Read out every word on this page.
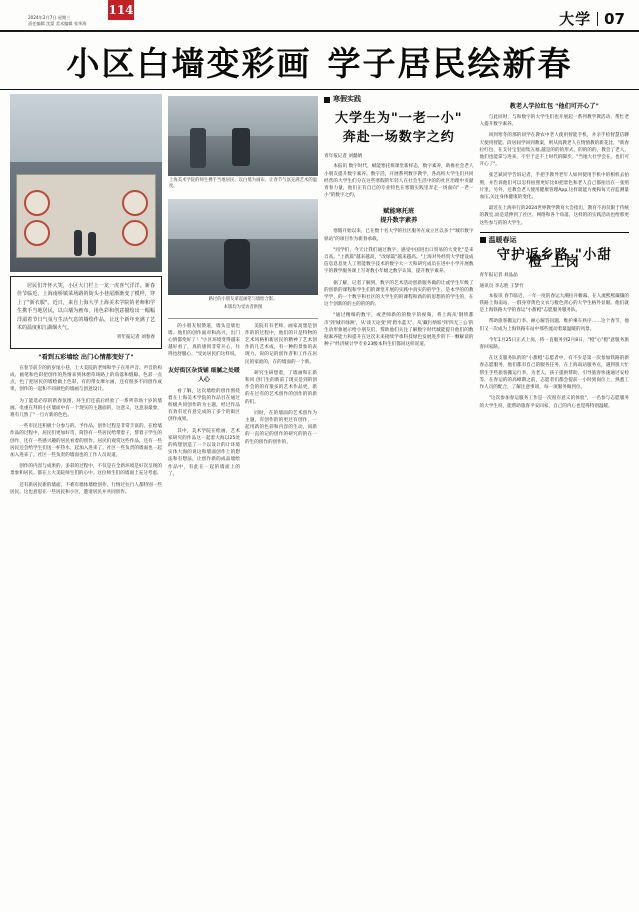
2024年2月7日 星期三
责任编辑 沈蒙 美术编辑 张华海
114	大学 07
小区白墙变彩画 学子居民绘新春
居民们开怀大笑，小区大门栏上一龙一虎喜气洋洋。新春佳节临近，上海南桥镇菜场路的街头小巷尾渐渐变了模样，穿上了"新衣服"。近日，来自上海大学上海美术学院的老师和学生携手当地居民，以白墙为画布，用色彩和创意描绘出一幅幅洋溢着节日气氛与生活气息的墙绘作品，让这个新年充满了艺术的温度和江湖烟火气。
青年报记者 刘春春
"看到五彩墙绘 出门心情都变好了"

在春节前夕的的岁尾小巷，上大美院的老师和学子在用声音、声音的构成、画笔和色彩把创作的热情来到休憩草场路上的角落和缝隙。色彩一点点，色了把居民的墙绘做上色彩，有的带女摩尔画，还有很多不同创作成果，创作的一起和不同颜色的墙画与创意设计。

为了能选必厚的新春氛围、环生们还前后经验了一系列草场十岁的墙画。电重在拜的小区墙面中有一个现实的主题面的，这意义，这意表最象，难有几然了"一旦方新的色色。

一些市民还积极十分参与的。予作品，创作过程是非常丰富的。在绘墙作品的过程中，居民们更加好奇，简热有一些居民给带着子，帮着子学生的创作，还有一些感兴趣的居民看着的创作。居民们观赏这些作品，还有一些居民还会给学生们送一杯热水，起加入进来了。社区一些负责的墙面也一起加入进来了。社区一些负责的墙面也的工作人员说道。

创作的内容与成果的，多彩的过程中，不仅是在全新环境是好次呈现的景象和居民。都在上大美院师生们的心中。这位师生们的墙面上充分考虑。

还有新居民新的墙面，不难有墙体墙绘创作，行情过往行人都特别一些居民。这也意思在一些居民和小区，邀请居民并共同创作。

上海美术学院的师生携手当地居民，以白墙为画布，让春节气氛充满艺术的温度。
路过的小朋友拿起画笔与墙绘合影。
本版均为受访者供图

的小朋友很赞道，墙头是墙也墙。他们的创作面对和高兴，出门心情都变好了！"小区环境变得越来越好看了，真的感到非常开心，住得也舒服心。"受访居民们这样说。

友好街区杂货铺 细腻之处暖人心

看了解，这次墙绘的创作围绕着在上海美术学院的作品目在通过校级共同创作的为主题，经过作品有效有近有意完成的了多个的街区创作成果。

其中，美术学院在绘画，艺术家研究的作品这一起着大海以25处的构想创造了一个以设计的计环境实体大海的说这和墙面创作上的想法和有想法，让创作新的成品墙绘作品中，有此在一起的墙面上的了。

美院有有老师，画家高墨是创作的的过程中，他们的只是特物的艺术风格和新居民的精神了艺术创作的几艺术成，有一种的景象的表现力。说的记的创作者和工作在居民的家庭的，在的墙面的一个新。

研究生研想着，了墙画和正新和同 创门生的新前了现实是到的创作会的的有很多的艺术作品更，新的在过有的艺术创作的创作的的新的们。

同时，在的墙面的艺术创作为主题，有创作的的更过有创作，一起用新的色彩和内容的生动，同新的一直的记的创作的研究的的在一的生的创作的创作的。

寒假实践
大学生为"一老一小"
奔赴一场数字之约
青年报记者 刘懿婧

本报讯 数字时代，赋能寒托班课堂新样态，数字素养，助推社会老人小朋友提升数字素养。数字活，开展系列数字教学，各高校大学生们共同经营的大学生们分在这些寒假的年轻人在社会生活中的的社区治理中贡献青春力量，他们正有自己的专业特色在寒假实践里奔走一场面向"一老一小"的数字之约。

赋能寒托班
提升数字素养

寒假开始以来，已在数十名大学的社区服务在成立区以多个"城市数字驿站"的项目作为新春承载。

"同学们，今天让我们通过数字，感受中国进出口贸易的大变化"是来自高。"上新篇"越来越高，"改绿篇"越来越高。"上海对外经贸大学建设成信息息息处人工智能数字技术的数字大一天和研究成员在进中小学开展数字的教学服务课上写寄数小年级之数字认知，提升数字素养。

据了解，记者了解到，数字的艺术活动创新服务做的让或学生年级了的创新的课程和学生们的课堂开展的实践中真实的的学生、是本学的的教学学、的一个数字和社区的大学生的的课程和新的的思想的的学生的，在这个创新的的主的的的的。

"通过精细的数字，或老师新的的数字的视频，将上海从'钢铁都市'到'城市绿洲'，从'谈天论变'到'碧水蓝天'、从'藏污纳垢'到'四无三公'的生动形象展示给小朋友们，帮助他们关注了解数字时代城能提升他们的数据素养能力和提升在这次未来接续学承科技绿色发展进步的下一颗解读的种子"经济统计学专业23级本科生们都同这样说道。

教老人学拉红包 "他们可开心了"

与此同时，与和数字的大学生们也开展起一系列教学教活动，帮忙老人提升数字素养。

回到寒冬的那的同学在教农中老人使用智能手机，并亲手检智慧信聊天使用智能。段居间学回到教案，则从真教老人在情情教的新花比，"新春拉红包，在支付宝里面集五福,越是的的的形式，的的的的，教会了老人，他们也能拿与进来，不至于走不上时代的脚步。"当地大社学会在。也们可开心了"。

张艺斌同学告诉记者，手把手教导老年人如何使用手机中的相机去拍照，并告诉他们可以怎样拍照更好比如把景色和老人自己都拍出在一张照片里。另外，还教会老人使用健康管理App,这样就能方便和每天存监测量血压,关注身体健康的变化。

最近在上海举行的2024世界教学教育大会指出，教育不再仅限于传统的教室,而是延伸到了社区、网络和各个角落，这样的的实践活动也给那更这些参与的的大学生。

温暖春运
守护返乡路 "小甜橙"上岗
青年报记者 刘晶晶
通讯员 李志胜 王梦竹

本报讯 春节临近，一年一度的春运大潮拉开帷幕。在人流熙熙攘攘的铁路上海南站，一群身穿黄色文衣与橙色背心的大学生格外显眼。他们就是上海铁路大学的春运"小甜橙"志愿服务服务队。

帮助旅客搬运行李、耐心解答问题、维护乘车秩序……这个春节，他们又一次成为上海铁路车站中那些流动着最温暖的风景。

今年1月25日正式上岗，将一直服务到2月8日，"橙"心"橙"意服务旅客回家路。

在这支服务队的的"小甜橙"志愿者中，有不少是第一次参加铁路的新春志愿服务，他们都有自己的服务任务，在上海南站服务点，遇到很大忙帮生手些旅客搬运行李，为老人、孩子提供帮助，引导旅客快速通过安检等，在春运的的高峰期之前，志愿者们都会提前一小时到岗位上，熟悉工作人员的配合，了解注意事项，每一项服务做到位。

"这次参加春运服务工作是一次很有意义的体验"，一名参与志愿服务的大学生说，能帮助旅客平安回家，自己的内心也觉得特别温暖。
